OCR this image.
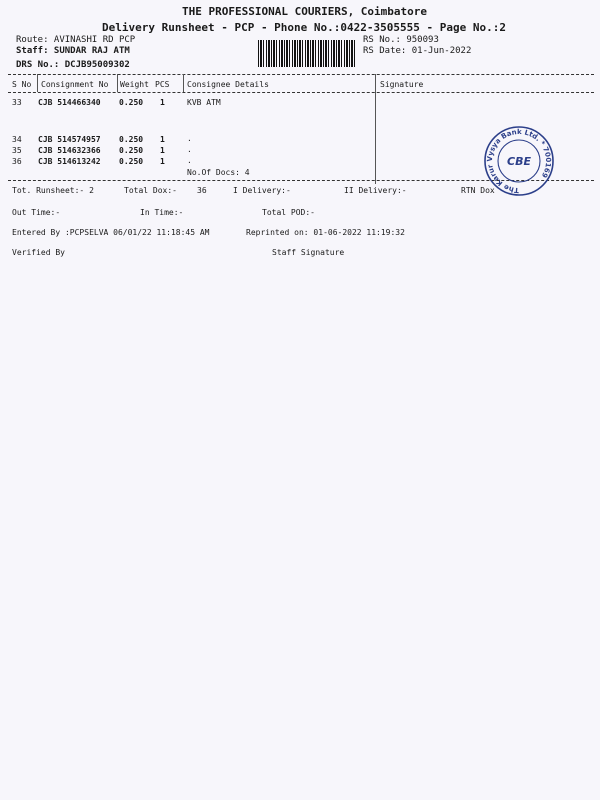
THE PROFESSIONAL COURIERS, Coimbatore
Delivery Runsheet - PCP - Phone No.:0422-3505555 - Page No.:2
Route: AVINASHI RD PCP
Staff: SUNDAR RAJ ATM
DRS No.: DCJB95009302
RS No.: 950093
RS Date: 01-Jun-2022
S No Consignment No Weight PCS Consignee Details	Signature
33 CJB 514466340 0.250 1	KVB ATM
34 CJB 514574957 0.250 1	.
35 CJB 514632366 0.250 1	.
36 CJB 514613242 0.250 1	.
No.Of Docs: 4
The Karur Vysya Bank Ltd. * 700169
CBE
Tot. Runsheet:- 2	Total Dox:-	36	I Delivery:-	II Delivery:-	RTN Dox
Out Time:-	In Time:-	Total POD:-
Entered By :PCPSELVA 06/01/22 11:18:45 AM	Reprinted on: 01-06-2022 11:19:32
Verified By	Staff Signature
